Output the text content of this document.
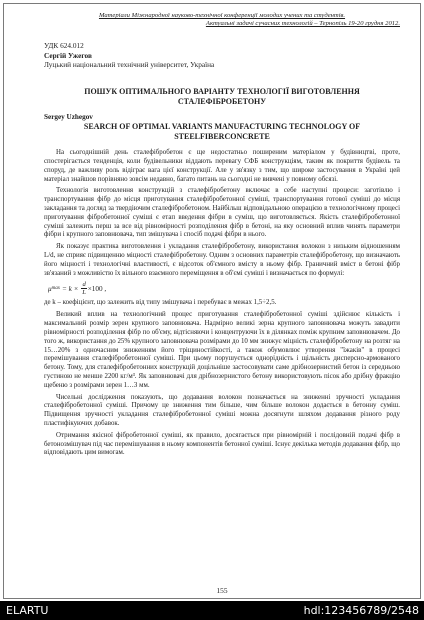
Матеріали Міжнародної науково-технічної конференції молодих учених та студентів.
Актуальні задачі сучасних технологій – Тернопіль 19-20 грудня 2012.
УДК 624.012
Сергій Ужегов
Луцький національний технічний університет, Україна
ПОШУК ОПТИМАЛЬНОГО ВАРІАНТУ ТЕХНОЛОГІЇ ВИГОТОВЛЕННЯ СТАЛЕФІБРОБЕТОНУ
Sergey Uzhegov
SEARCH OF OPTIMAL VARIANTS MANUFACTURING TECHNOLOGY OF STEELFIBERCONCRETE

На сьогоднішній день сталефібробетон є ще недостатньо поширеним матеріалом у будівництві, проте, спостерігається тенденція, коли будівельники віддають перевагу СФБ конструкціям, таким як покриття будівель та споруд, де важливу роль відіграє вага цієї конструкції. Але у зв'язку з тим, що широке застосування в Україні цей матеріал знайшов порівняно зовсім недавно, багато питань на сьогодні не вивчені у повному обсязі.

Технологія виготовлення конструкцій з сталефібробетону включає в себе наступні процеси: заготівлю і транспортування фібр до місця приготування сталефібробетонної суміші, транспортування готової суміші до місця закладання та догляд за твердіючим сталефібробетоном. Найбільш відповідальною операцією в технологічному процесі приготування фібробетонної суміші є етап введення фібри в суміш, що виготовляється. Якість сталефібробетонної суміші залежить перш за все від рівномірності розподілення фібр в бетоні, на яку основний вплив чинять параметри фібри і крупного заповнювача, тип змішувача і спосіб подачі фібри в нього.

Як показує практика виготовлення і укладання сталефібробетону, використання волокон з низьким відношенням L/d, не сприяє підвищенню міцності сталефібробетону. Одним з основних параметрів сталефібробетону, що визначають його міцності і технологічні властивості, є відсоток об'ємного вмісту в ньому фібр. Граничний вміст в бетоні фібр зв'язаний з можливістю їх вільного взаємного переміщення в об'ємі суміші і визначається по формулі:

μ $\max = k \times \frac{d}{L} \times 100$ ,

де k – коефіцієнт, що залежить від типу змішувача і перебуває в межах 1,5÷2,5.

Великий вплив на технологічний процес приготування сталефібробетонної суміші здійснює кількість і максимальний розмір зерен крупного заповнювача. Надмірно великі зерна крупного заповнювача можуть завадити рівномірності розподілення фібр по об'єму, відтісняючи і концентруючи їх в ділянках поміж крупним заповнювачем. До того ж, використання до 25% крупного заповнювача розмірами до 10 мм знижує міцність сталефібробетону на розтяг на 15…20% з одночасним зниженням його тріщиностійкості, а також обумовлює утворення "їжаків" в процесі перемішування сталефібробетонної суміші. При цьому порушується однорідність і щільність дисперсно-армованого бетону. Тому, для сталефібробетонних конструкцій доцільніше застосовувати саме дрібнозернистий бетон із середньою густиною не менше 2200 кг/м³. Як заповнювачі для дрібнозернистого бетону використовують пісок або дрібну фракцію щебеню з розмірами зерен 1…3 мм.

Чисельні дослідження показують, що додавання волокон позначається на зниженні зручності укладання сталефібробетонної суміші. Причому це зниження тим більше, чим більше волокон додається в бетонну суміш. Підвищення зручності укладання сталефібробетонної суміші можна досягнути шляхом додавання різного роду пластифікуючих добавок.

Отримання якісної фібробетонної суміші, як правило, досягається при рівномірній і послідовній подачі фібр в бетонозмішувач під час перемішування в ньому компонентів бетонної суміші. Існує декілька методів додавання фібр, що відповідають цим вимогам.

155
ELARTU	hdl:123456789/2548
